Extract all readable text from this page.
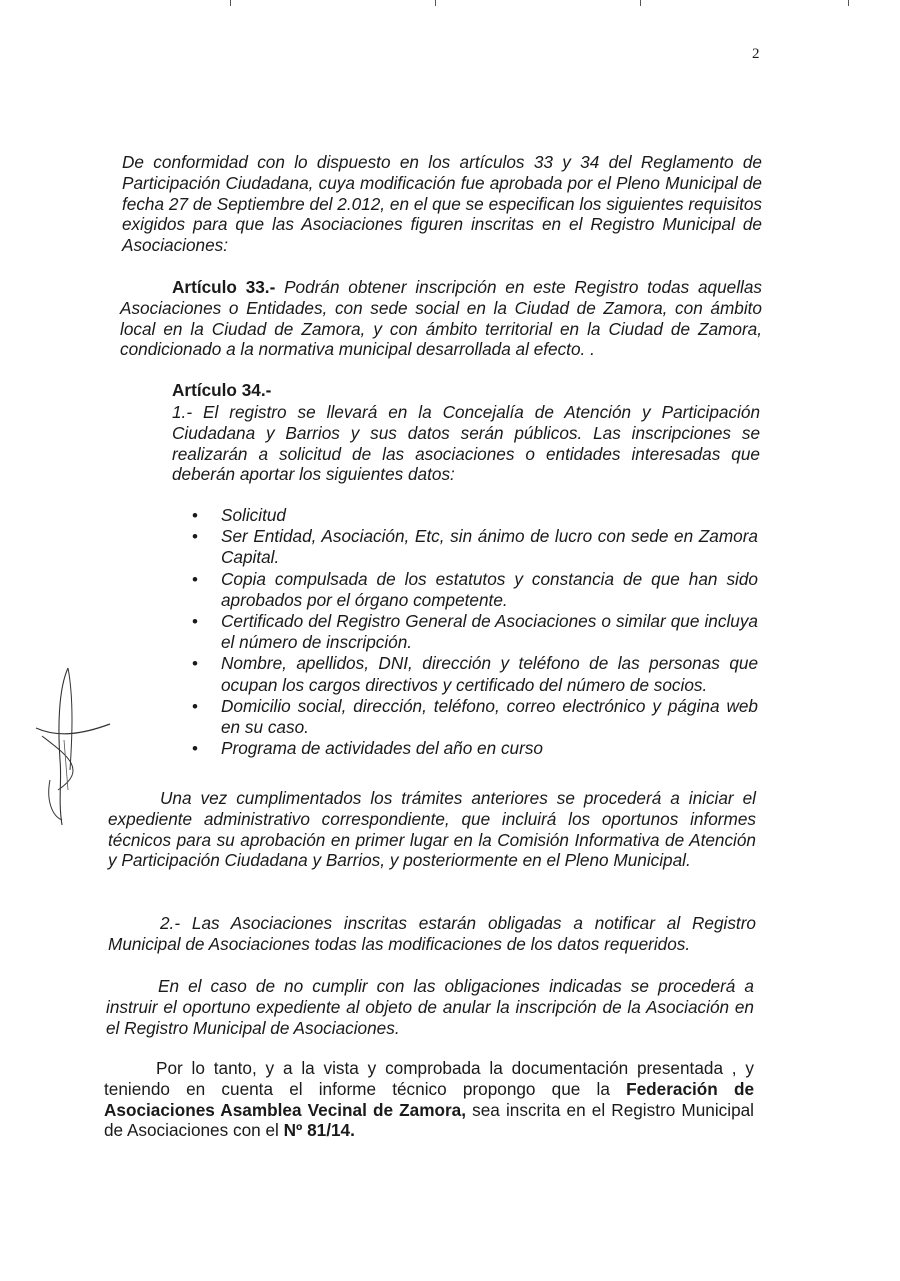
2

De conformidad con lo dispuesto en los artículos 33 y 34 del Reglamento de Participación Ciudadana, cuya modificación fue aprobada por el Pleno Municipal de fecha 27 de Septiembre del 2.012, en el que se especifican los siguientes requisitos exigidos para que las Asociaciones figuren inscritas en el Registro Municipal de Asociaciones:

Artículo 33.- Podrán obtener inscripción en este Registro todas aquellas Asociaciones o Entidades, con sede social en la Ciudad de Zamora, con ámbito local en la Ciudad de Zamora, y con ámbito territorial en la Ciudad de Zamora, condicionado a la normativa municipal desarrollada al efecto. .

Artículo 34.-

1.- El registro se llevará en la Concejalía de Atención y Participación Ciudadana y Barrios y sus datos serán públicos. Las inscripciones se realizarán a solicitud de las asociaciones o entidades interesadas que deberán aportar los siguientes datos:

• Solicitud
• Ser Entidad, Asociación, Etc, sin ánimo de lucro con sede en Zamora Capital.
• Copia compulsada de los estatutos y constancia de que han sido aprobados por el órgano competente.
• Certificado del Registro General de Asociaciones o similar que incluya el número de inscripción.
• Nombre, apellidos, DNI, dirección y teléfono de las personas que ocupan los cargos directivos y certificado del número de socios.
• Domicilio social, dirección, teléfono, correo electrónico y página web en su caso.
• Programa de actividades del año en curso

Una vez cumplimentados los trámites anteriores se procederá a iniciar el expediente administrativo correspondiente, que incluirá los oportunos informes técnicos para su aprobación en primer lugar en la Comisión Informativa de Atención y Participación Ciudadana y Barrios, y posteriormente en el Pleno Municipal.

2.- Las Asociaciones inscritas estarán obligadas a notificar al Registro Municipal de Asociaciones todas las modificaciones de los datos requeridos.

En el caso de no cumplir con las obligaciones indicadas se procederá a instruir el oportuno expediente al objeto de anular la inscripción de la Asociación en el Registro Municipal de Asociaciones.

Por lo tanto, y a la vista y comprobada la documentación presentada , y teniendo en cuenta el informe técnico propongo que la Federación de Asociaciones Asamblea Vecinal de Zamora, sea inscrita en el Registro Municipal de Asociaciones con el Nº 81/14.
